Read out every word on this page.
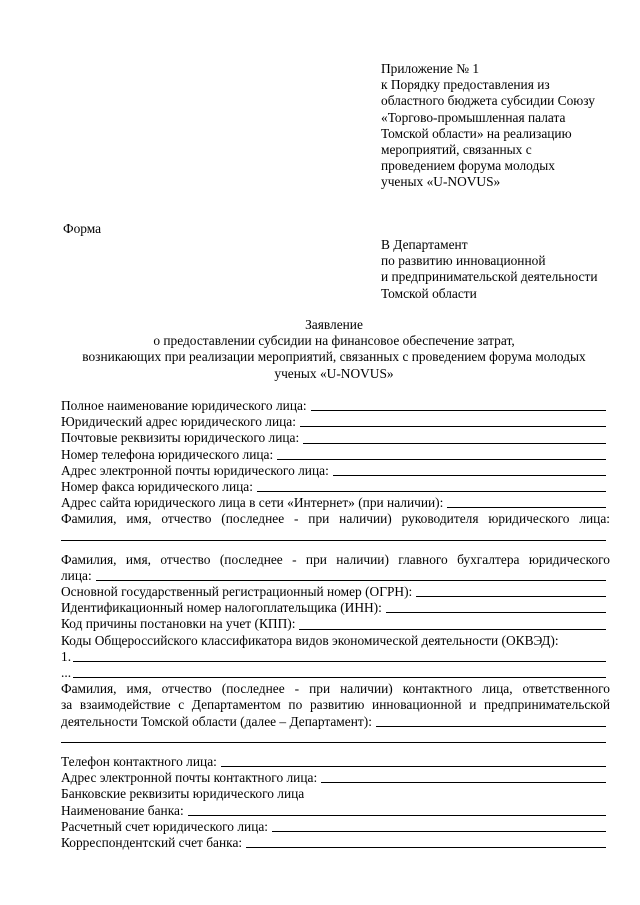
Приложение № 1
к Порядку предоставления из
областного бюджета субсидии Союзу
«Торгово-промышленная палата
Томской области» на реализацию
мероприятий, связанных с
проведением форума молодых
ученых «U-NOVUS»
Форма
В Департамент
по развитию инновационной
и предпринимательской деятельности
Томской области
Заявление
о предоставлении субсидии на финансовое обеспечение затрат,
возникающих при реализации мероприятий, связанных с проведением форума молодых
ученых «U-NOVUS»
Полное наименование юридического лица:
Юридический адрес юридического лица:
Почтовые реквизиты юридического лица:
Номер телефона юридического лица:
Адрес электронной почты юридического лица:
Номер факса юридического лица:
Адрес сайта юридического лица в сети «Интернет» (при наличии):
Фамилия, имя, отчество (последнее - при наличии) руководителя юридического лица:
Фамилия, имя, отчество (последнее - при наличии) главного бухгалтера юридического
лица:
Основной государственный регистрационный номер (ОГРН):
Идентификационный номер налогоплательщика (ИНН):
Код причины постановки на учет (КПП):
Коды Общероссийского классификатора видов экономической деятельности (ОКВЭД):
1.
...
Фамилия, имя, отчество (последнее - при наличии) контактного лица, ответственного
за взаимодействие с Департаментом по развитию инновационной и предпринимательской
деятельности Томской области (далее – Департамент):
Телефон контактного лица:
Адрес электронной почты контактного лица:
Банковские реквизиты юридического лица
Наименование банка:
Расчетный счет юридического лица:
Корреспондентский счет банка:
